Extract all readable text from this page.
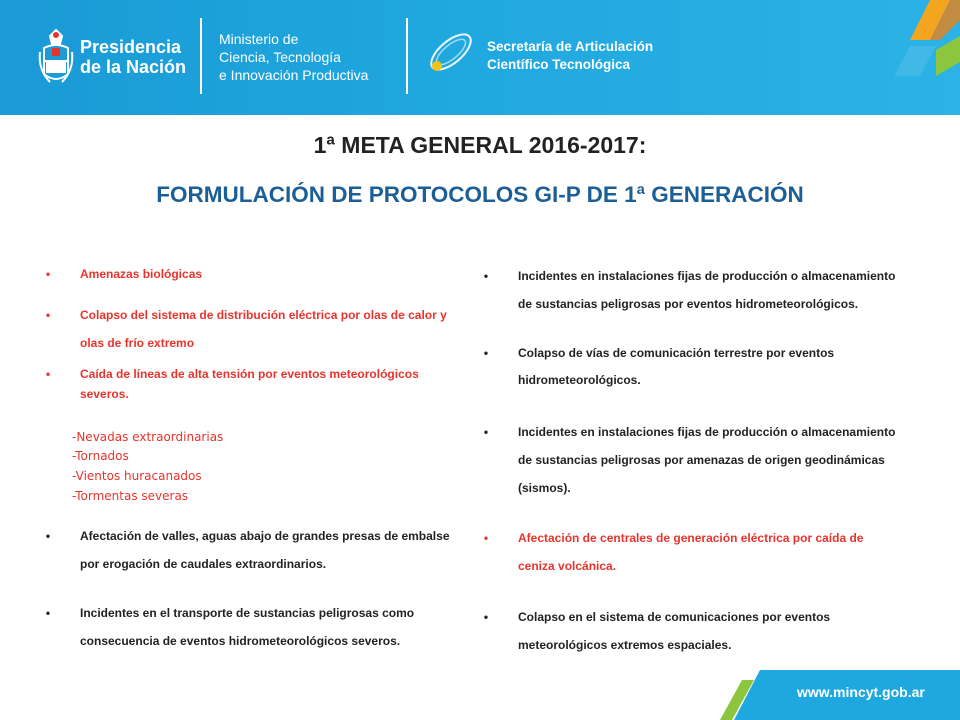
Presidencia
de la Nación
Ministerio de
Ciencia, Tecnología
e Innovación Productiva
Secretaría de Articulación
Científico Tecnológica
1ª META GENERAL 2016-2017:
FORMULACIÓN DE PROTOCOLOS GI-P DE 1ª GENERACIÓN
•	Amenazas biológicas
•	Colapso del sistema de distribución eléctrica por olas de calor y
olas de frío extremo
•	Caída de líneas de alta tensión por eventos meteorológicos
severos.
-Nevadas extraordinarias
-Tornados
-Vientos huracanados
-Tormentas severas
•	Afectación de valles, aguas abajo de grandes presas de embalse
por erogación de caudales extraordinarios.
•	Incidentes en el transporte de sustancias peligrosas como
consecuencia de eventos hidrometeorológicos severos.
•	Incidentes en instalaciones fijas de producción o almacenamiento
de sustancias peligrosas por eventos hidrometeorológicos.
•	Colapso de vías de comunicación terrestre por eventos
hidrometeorológicos.
•	Incidentes en instalaciones fijas de producción o almacenamiento
de sustancias peligrosas por amenazas de origen geodinámicas
(sismos).
•	Afectación de centrales de generación eléctrica por caída de
ceniza volcánica.
•	Colapso en el sistema de comunicaciones por eventos
meteorológicos extremos espaciales.
www.mincyt.gob.ar
